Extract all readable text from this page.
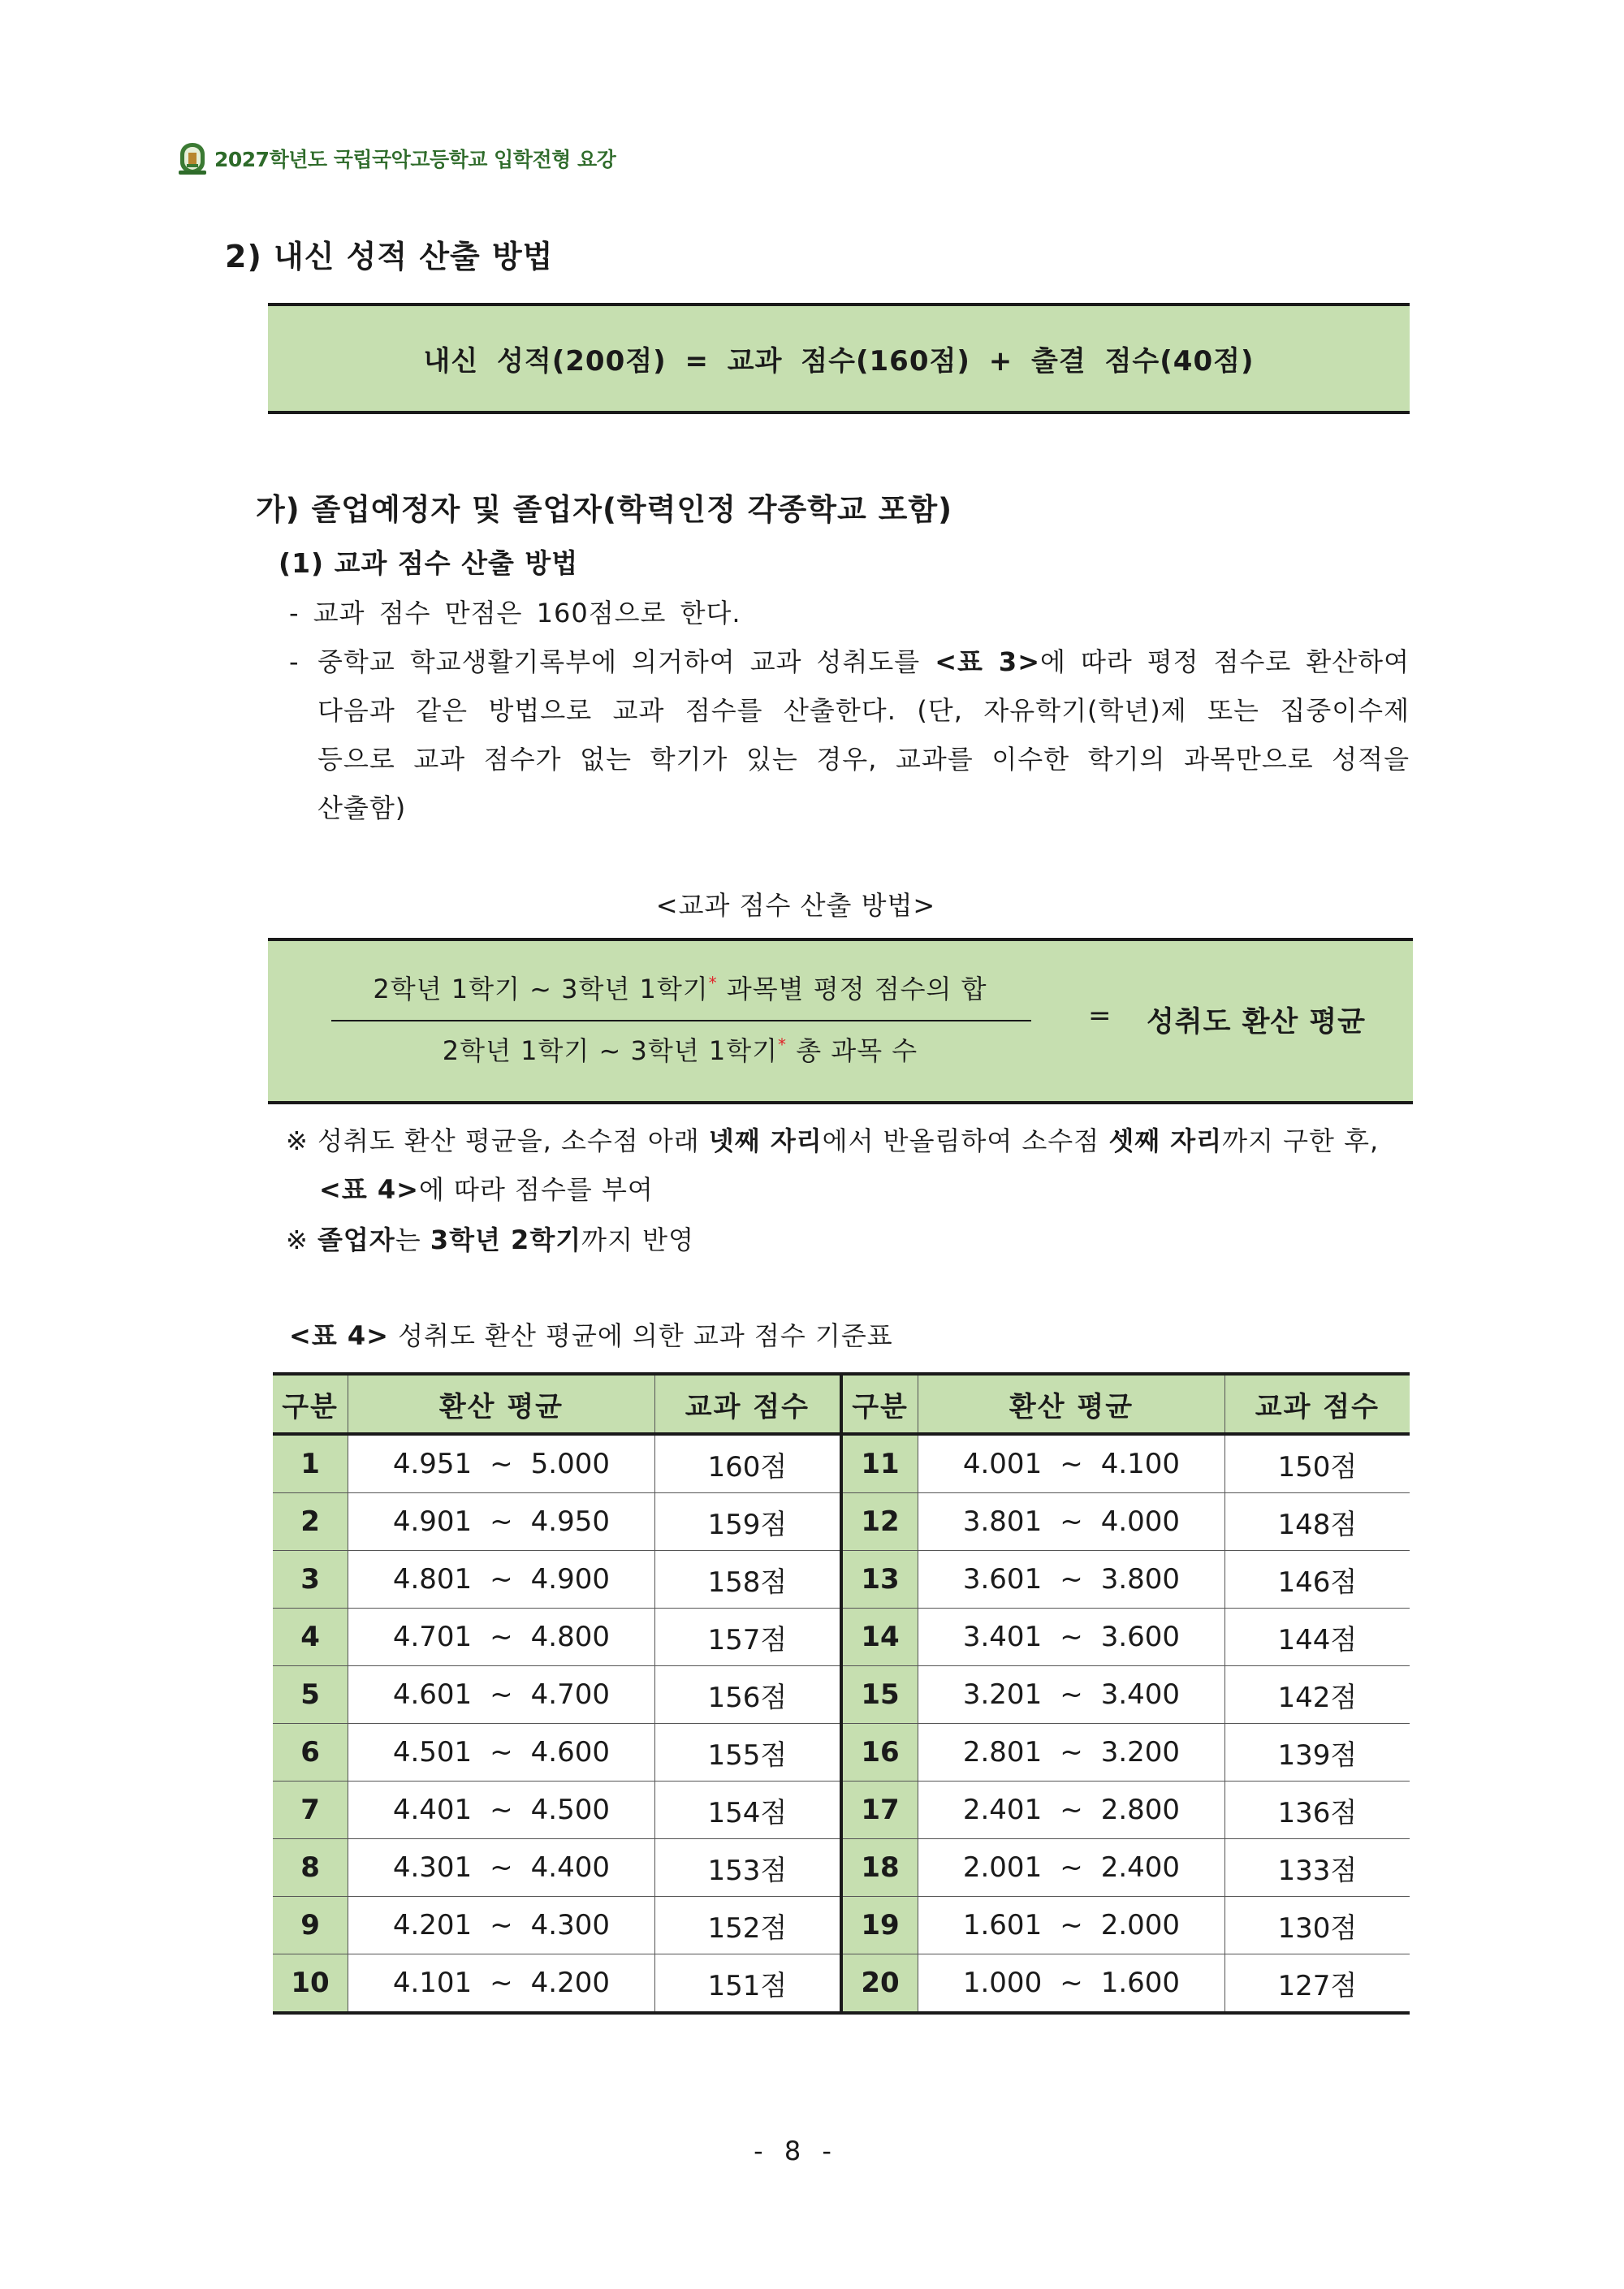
2027학년도 국립국악고등학교 입학전형 요강
2) 내신 성적 산출 방법
내신 성적(200점) = 교과 점수(160점) + 출결 점수(40점)
가) 졸업예정자 및 졸업자(학력인정 각종학교 포함)
(1) 교과 점수 산출 방법
- 교과 점수 만점은 160점으로 한다.
- 중학교 학교생활기록부에 의거하여 교과 성취도를 <표 3>에 따라 평정 점수로 환산하여
다음과 같은 방법으로 교과 점수를 산출한다. (단, 자유학기(학년)제 또는 집중이수제
등으로 교과 점수가 없는 학기가 있는 경우, 교과를 이수한 학기의 과목만으로 성적을
산출함)
<교과 점수 산출 방법>
2학년 1학기 ~ 3학년 1학기* 과목별 평정 점수의 합
2학년 1학기 ~ 3학년 1학기* 총 과목 수
=	성취도 환산 평균
※ 성취도 환산 평균을, 소수점 아래 넷째 자리에서 반올림하여 소수점 셋째 자리까지 구한 후,
<표 4>에 따라 점수를 부여
※ 졸업자는 3학년 2학기까지 반영
<표 4> 성취도 환산 평균에 의한 교과 점수 기준표
구분	환산 평균	교과 점수	구분	환산 평균	교과 점수
1	4.951 ~ 5.000	160점	11	4.001 ~ 4.100	150점
2	4.901 ~ 4.950	159점	12	3.801 ~ 4.000	148점
3	4.801 ~ 4.900	158점	13	3.601 ~ 3.800	146점
4	4.701 ~ 4.800	157점	14	3.401 ~ 3.600	144점
5	4.601 ~ 4.700	156점	15	3.201 ~ 3.400	142점
6	4.501 ~ 4.600	155점	16	2.801 ~ 3.200	139점
7	4.401 ~ 4.500	154점	17	2.401 ~ 2.800	136점
8	4.301 ~ 4.400	153점	18	2.001 ~ 2.400	133점
9	4.201 ~ 4.300	152점	19	1.601 ~ 2.000	130점
10	4.101 ~ 4.200	151점	20	1.000 ~ 1.600	127점
- 8 -
